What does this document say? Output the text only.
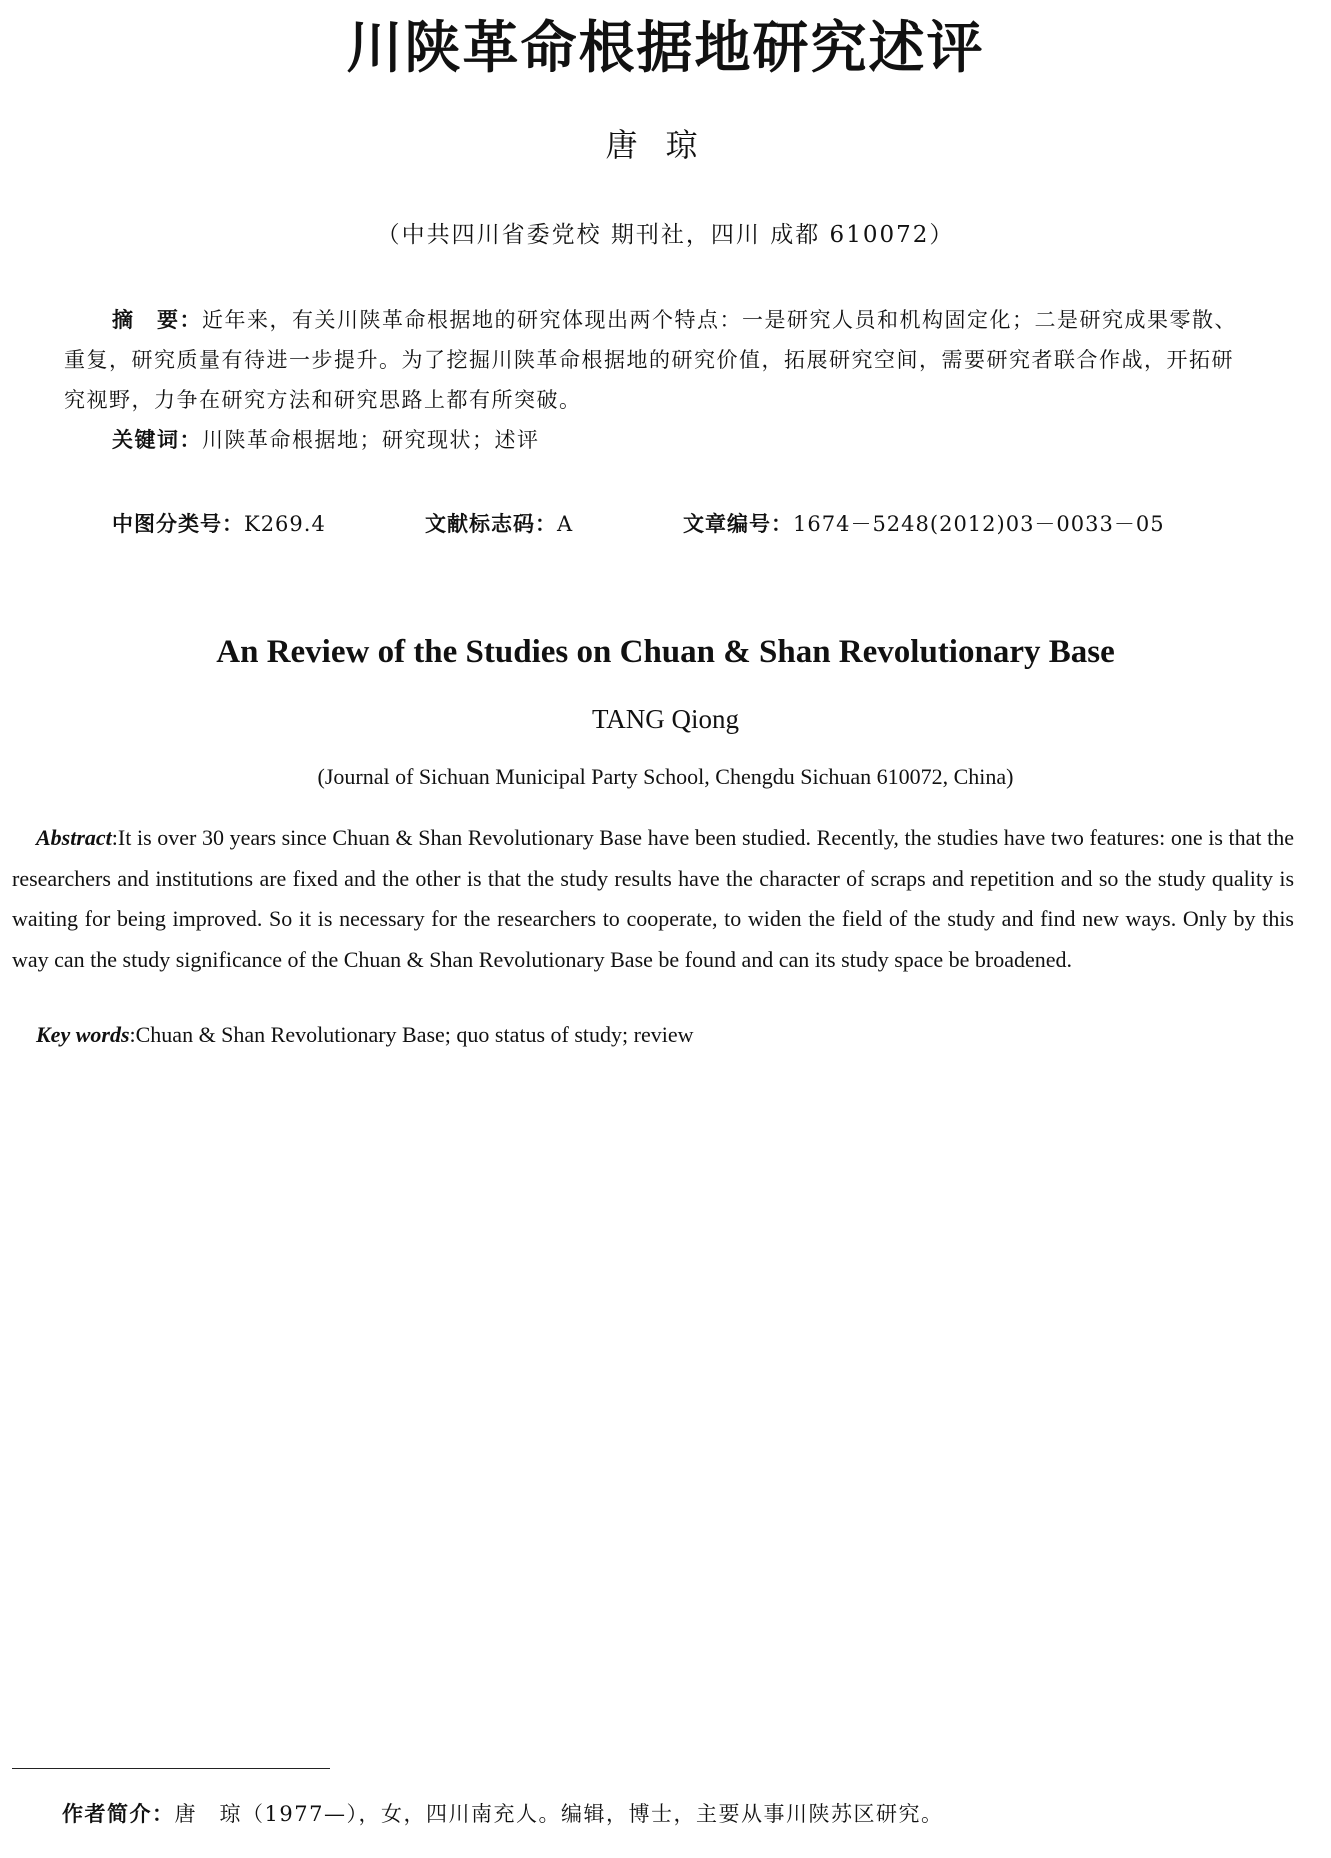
川陕革命根据地研究述评
唐琼
（中共四川省委党校 期刊社，四川 成都 610072）
摘　要：近年来，有关川陕革命根据地的研究体现出两个特点：一是研究人员和机构固定化；二是研究成果零散、重复，研究质量有待进一步提升。为了挖掘川陕革命根据地的研究价值，拓展研究空间，需要研究者联合作战，开拓研究视野，力争在研究方法和研究思路上都有所突破。
关键词：川陕革命根据地；研究现状；述评
中图分类号：K269.4	文献标志码：A	文章编号：1674－5248(2012)03－0033－05
An Review of the Studies on Chuan & Shan Revolutionary Base
TANG Qiong
(Journal of Sichuan Municipal Party School, Chengdu Sichuan 610072, China)

Abstract:It is over 30 years since Chuan & Shan Revolutionary Base have been studied. Recently, the studies have two features: one is that the researchers and institutions are fixed and the other is that the study results have the character of scraps and repetition and so the study quality is waiting for being improved. So it is necessary for the researchers to cooperate, to widen the field of the study and find new ways. Only by this way can the study significance of the Chuan & Shan Revolutionary Base be found and can its study space be broadened.

Key words:Chuan & Shan Revolutionary Base; quo status of study; review
作者简介：唐　琼（1977—），女，四川南充人。编辑，博士，主要从事川陕苏区研究。
